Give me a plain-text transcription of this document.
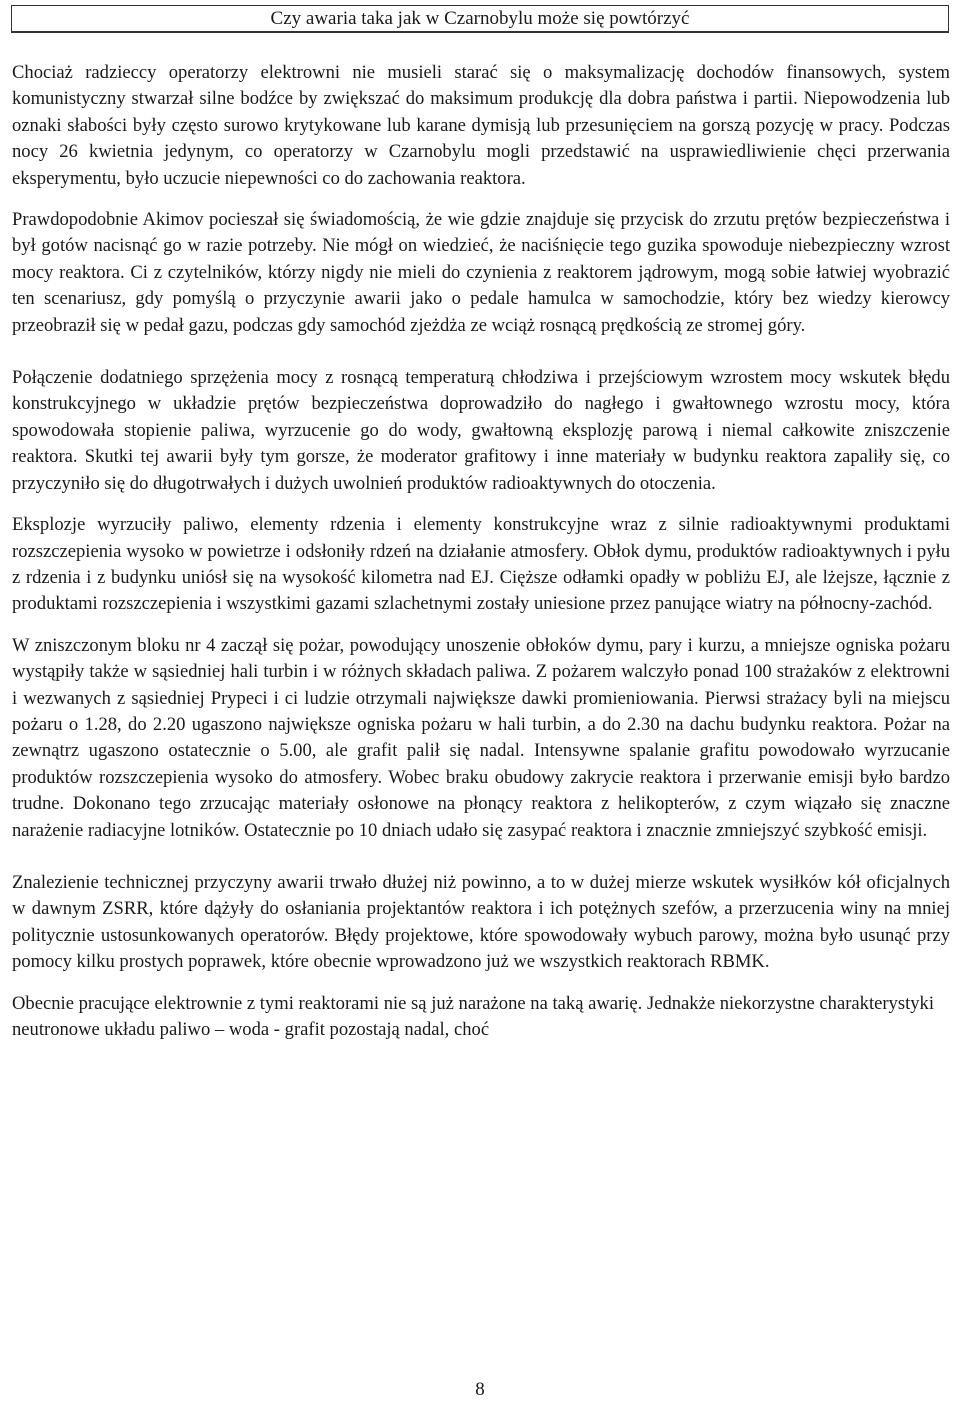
Czy awaria taka jak w Czarnobylu może się powtórzyć

Chociaż radzieccy operatorzy elektrowni nie musieli starać się o maksymalizację dochodów finansowych, system komunistyczny stwarzał silne bodźce by zwiększać do maksimum produkcję dla dobra państwa i partii. Niepowodzenia lub oznaki słabości były często surowo krytykowane lub karane dymisją lub przesunięciem na gorszą pozycję w pracy. Podczas nocy 26 kwietnia jedynym, co operatorzy w Czarnobylu mogli przedstawić na usprawiedliwienie chęci przerwania eksperymentu, było uczucie niepewności co do zachowania reaktora.

Prawdopodobnie Akimov pocieszał się świadomością, że wie gdzie znajduje się przycisk do zrzutu prętów bezpieczeństwa i był gotów nacisnąć go w razie potrzeby. Nie mógł on wiedzieć, że naciśnięcie tego guzika spowoduje niebezpieczny wzrost mocy reaktora. Ci z czytelników, którzy nigdy nie mieli do czynienia z reaktorem jądrowym, mogą sobie łatwiej wyobrazić ten scenariusz, gdy pomyślą o przyczynie awarii jako o pedale hamulca w samochodzie, który bez wiedzy kierowcy przeobraził się w pedał gazu, podczas gdy samochód zjeżdża ze wciąż rosnącą prędkością ze stromej góry.

Połączenie dodatniego sprzężenia mocy z rosnącą temperaturą chłodziwa i przejściowym wzrostem mocy wskutek błędu konstrukcyjnego w układzie prętów bezpieczeństwa doprowadziło do nagłego i gwałtownego wzrostu mocy, która spowodowała stopienie paliwa, wyrzucenie go do wody, gwałtowną eksplozję parową i niemal całkowite zniszczenie reaktora. Skutki tej awarii były tym gorsze, że moderator grafitowy i inne materiały w budynku reaktora zapaliły się, co przyczyniło się do długotrwałych i dużych uwolnień produktów radioaktywnych do otoczenia.

Eksplozje wyrzuciły paliwo, elementy rdzenia i elementy konstrukcyjne wraz z silnie radioaktywnymi produktami rozszczepienia wysoko w powietrze i odsłoniły rdzeń na działanie atmosfery. Obłok dymu, produktów radioaktywnych i pyłu z rdzenia i z budynku uniósł się na wysokość kilometra nad EJ. Cięższe odłamki opadły w pobliżu EJ, ale lżejsze, łącznie z produktami rozszczepienia i wszystkimi gazami szlachetnymi zostały uniesione przez panujące wiatry na północny-zachód.

W zniszczonym bloku nr 4 zaczął się pożar, powodujący unoszenie obłoków dymu, pary i kurzu, a mniejsze ogniska pożaru wystąpiły także w sąsiedniej hali turbin i w różnych składach paliwa. Z pożarem walczyło ponad 100 strażaków z elektrowni i wezwanych z sąsiedniej Prypeci i ci ludzie otrzymali największe dawki promieniowania. Pierwsi strażacy byli na miejscu pożaru o 1.28, do 2.20 ugaszono największe ogniska pożaru w hali turbin, a do 2.30 na dachu budynku reaktora. Pożar na zewnątrz ugaszono ostatecznie o 5.00, ale grafit palił się nadal. Intensywne spalanie grafitu powodowało wyrzucanie produktów rozszczepienia wysoko do atmosfery. Wobec braku obudowy zakrycie reaktora i przerwanie emisji było bardzo trudne. Dokonano tego zrzucając materiały osłonowe na płonący reaktora z helikopterów, z czym wiązało się znaczne narażenie radiacyjne lotników. Ostatecznie po 10 dniach udało się zasypać reaktora i znacznie zmniejszyć szybkość emisji.

Znalezienie technicznej przyczyny awarii trwało dłużej niż powinno, a to w dużej mierze wskutek wysiłków kół oficjalnych w dawnym ZSRR, które dążyły do osłaniania projektantów reaktora i ich potężnych szefów, a przerzucenia winy na mniej politycznie ustosunkowanych operatorów. Błędy projektowe, które spowodowały wybuch parowy, można było usunąć przy pomocy kilku prostych poprawek, które obecnie wprowadzono już we wszystkich reaktorach RBMK.

Obecnie pracujące elektrownie z tymi reaktorami nie są już narażone na taką awarię. Jednakże niekorzystne charakterystyki neutronowe układu paliwo – woda - grafit pozostają nadal, choć

8
